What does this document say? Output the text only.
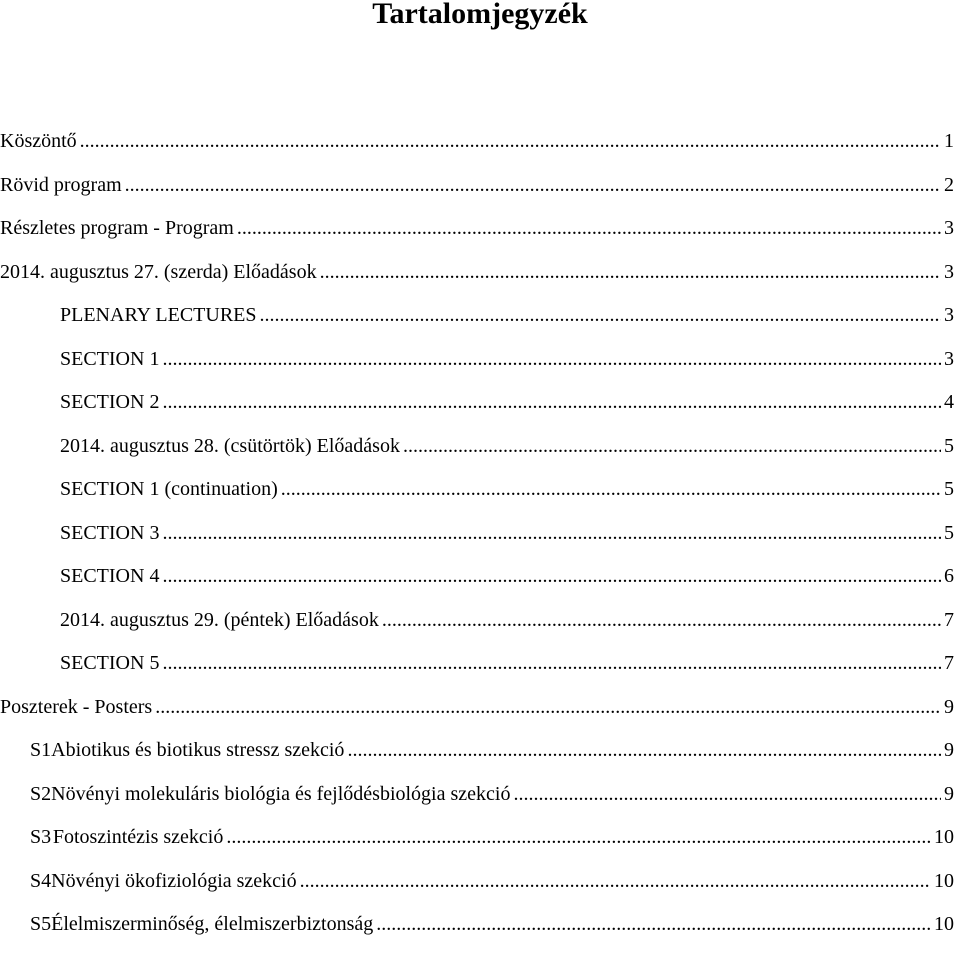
Tartalomjegyzék
Köszöntő .....	1
Rövid program .....	2
Részletes program - Program .....	3
2014. augusztus 27. (szerda) Előadások .....	3
PLENARY LECTURES .....	3
SECTION 1 .....	3
SECTION 2 .....	4
2014. augusztus 28. (csütörtök) Előadások .....	5
SECTION 1 (continuation) .....	5
SECTION 3 .....	5
SECTION 4 .....	6
2014. augusztus 29. (péntek) Előadások .....	7
SECTION 5 .....	7
Poszterek - Posters .....	9
S1 Abiotikus és biotikus stressz szekció .....	9
S2 Növényi molekuláris biológia és fejlődésbiológia szekció .....	9
S3 Fotoszintézis szekció .....	10
S4 Növényi ökofiziológia szekció .....	10
S5 Élelmiszerminőség, élelmiszerbiztonság .....	10
